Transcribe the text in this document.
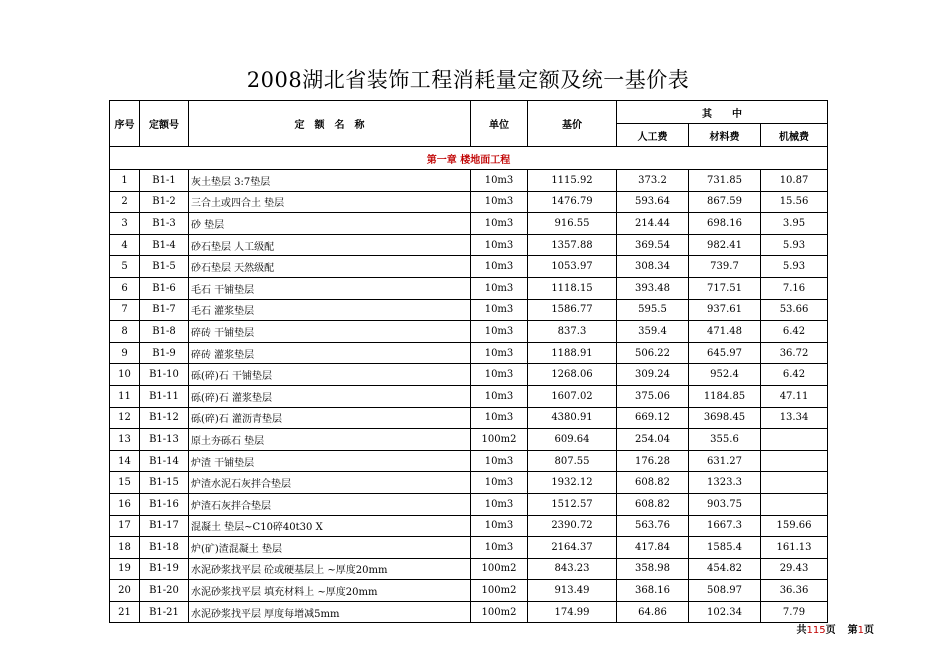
2008湖北省装饰工程消耗量定额及统一基价表
序号	定额号	定　额　名　称	单位	基价	其　　中		
					人工费	材料费	机械费
第一章 楼地面工程							
1	B1-1	灰土垫层 3:7垫层	10m3	1115.92	373.2	731.85	10.87
2	B1-2	三合土或四合土 垫层	10m3	1476.79	593.64	867.59	15.56
3	B1-3	砂 垫层	10m3	916.55	214.44	698.16	3.95
4	B1-4	砂石垫层 人工级配	10m3	1357.88	369.54	982.41	5.93
5	B1-5	砂石垫层 天然级配	10m3	1053.97	308.34	739.7	5.93
6	B1-6	毛石 干铺垫层	10m3	1118.15	393.48	717.51	7.16
7	B1-7	毛石 灌浆垫层	10m3	1586.77	595.5	937.61	53.66
8	B1-8	碎砖 干铺垫层	10m3	837.3	359.4	471.48	6.42
9	B1-9	碎砖 灌浆垫层	10m3	1188.91	506.22	645.97	36.72
10	B1-10	砾(碎)石 干铺垫层	10m3	1268.06	309.24	952.4	6.42
11	B1-11	砾(碎)石 灌浆垫层	10m3	1607.02	375.06	1184.85	47.11
12	B1-12	砾(碎)石 灌沥青垫层	10m3	4380.91	669.12	3698.45	13.34
13	B1-13	原土夯砾石 垫层	100m2	609.64	254.04	355.6	
14	B1-14	炉渣 干铺垫层	10m3	807.55	176.28	631.27	
15	B1-15	炉渣水泥石灰拌合垫层	10m3	1932.12	608.82	1323.3	
16	B1-16	炉渣石灰拌合垫层	10m3	1512.57	608.82	903.75	
17	B1-17	混凝土 垫层~C10碎40t30 X	10m3	2390.72	563.76	1667.3	159.66
18	B1-18	炉(矿)渣混凝土 垫层	10m3	2164.37	417.84	1585.4	161.13
19	B1-19	水泥砂浆找平层 砼或硬基层上 ~厚度20mm	100m2	843.23	358.98	454.82	29.43
20	B1-20	水泥砂浆找平层 填充材料上 ~厚度20mm	100m2	913.49	368.16	508.97	36.36
21	B1-21	水泥砂浆找平层 厚度每增减5mm	100m2	174.99	64.86	102.34	7.79
共115页 第1页
